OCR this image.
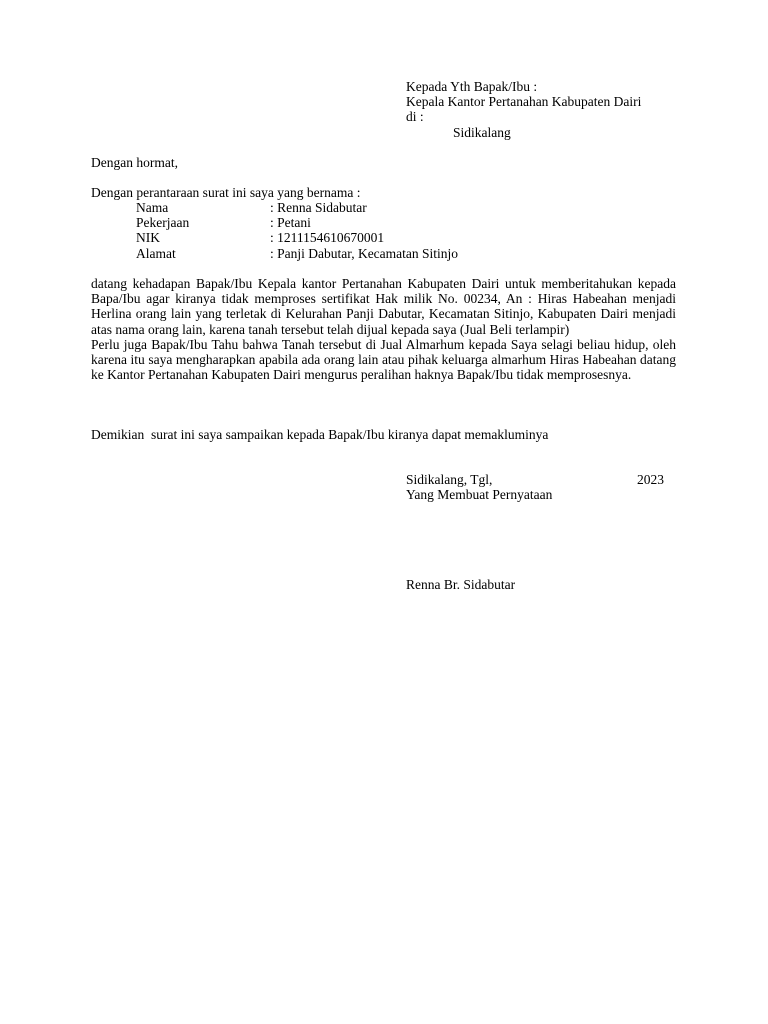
Kepada Yth Bapak/Ibu :
Kepala Kantor Pertanahan Kabupaten Dairi
di :
Sidikalang
Dengan hormat,
Dengan perantaraan surat ini saya yang bernama :
Nama	: Renna Sidabutar
Pekerjaan	: Petani
NIK	: 1211154610670001
Alamat	: Panji Dabutar, Kecamatan Sitinjo
datang kehadapan Bapak/Ibu Kepala kantor Pertanahan Kabupaten Dairi untuk memberitahukan kepada Bapa/Ibu agar kiranya tidak memproses sertifikat Hak milik No. 00234, An : Hiras Habeahan menjadi Herlina orang lain yang terletak di Kelurahan Panji Dabutar, Kecamatan Sitinjo, Kabupaten Dairi menjadi atas nama orang lain, karena tanah tersebut telah dijual kepada saya (Jual Beli terlampir)
Perlu juga Bapak/Ibu Tahu bahwa Tanah tersebut di Jual Almarhum kepada Saya selagi beliau hidup, oleh karena itu saya mengharapkan apabila ada orang lain atau pihak keluarga almarhum Hiras Habeahan datang ke Kantor Pertanahan Kabupaten Dairi mengurus peralihan haknya Bapak/Ibu tidak memprosesnya.
Demikian  surat ini saya sampaikan kepada Bapak/Ibu kiranya dapat memakluminya
Sidikalang, Tgl,	2023
Yang Membuat Pernyataan
Renna Br. Sidabutar
